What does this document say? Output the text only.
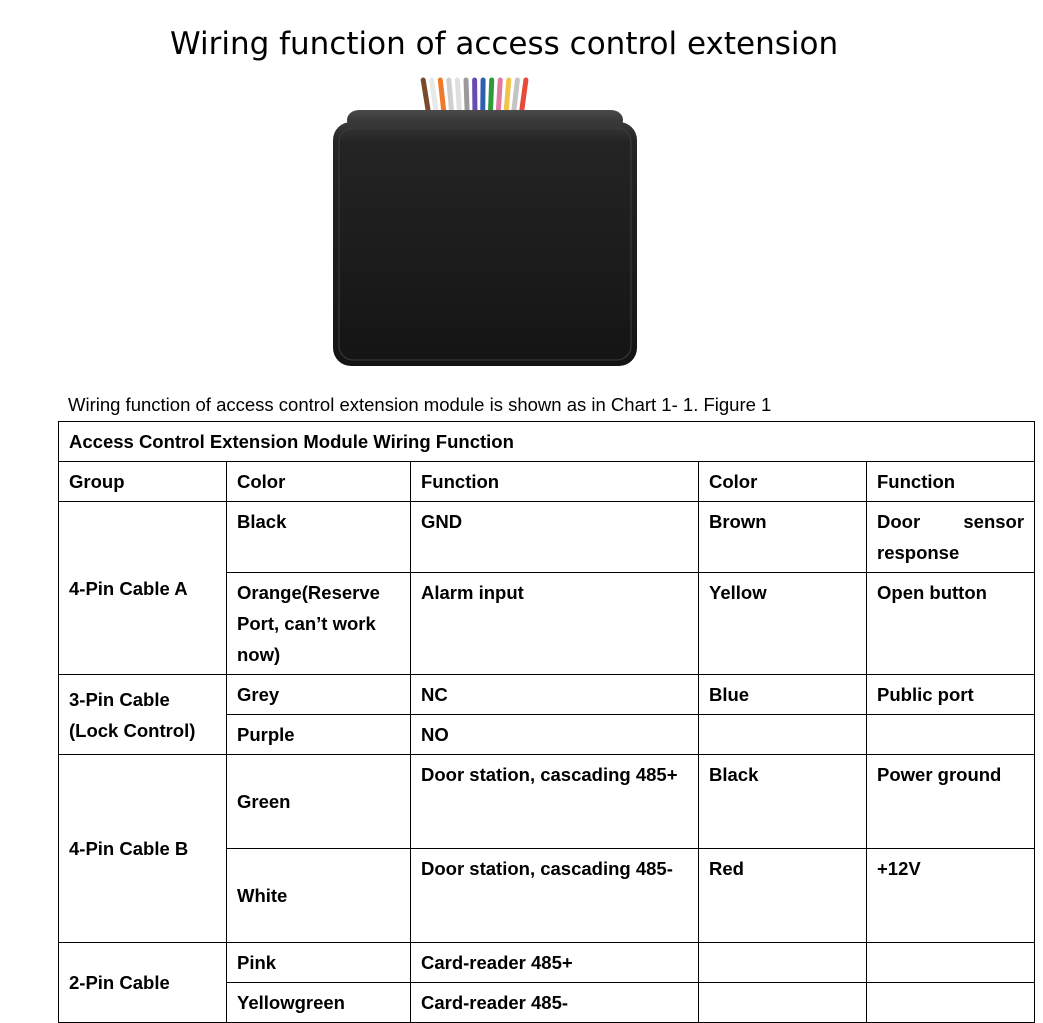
Wiring function of access control extension
Wiring function of access control extension module is shown as in Chart 1- 1. Figure 1
Access Control Extension Module Wiring Function				
Group	Color	Function	Color	Function
4-Pin Cable A	Black	GND	Brown	Door sensor response
	Orange(Reserve Port, can’t work now)	Alarm input	Yellow	Open button
3-Pin Cable (Lock Control)	Grey	NC	Blue	Public port
	Purple	NO		
4-Pin Cable B	Green	Door station, cascading 485+	Black	Power ground
	White	Door station, cascading 485-	Red	+12V
2-Pin Cable	Pink	Card-reader 485+		
	Yellowgreen	Card-reader 485-		
